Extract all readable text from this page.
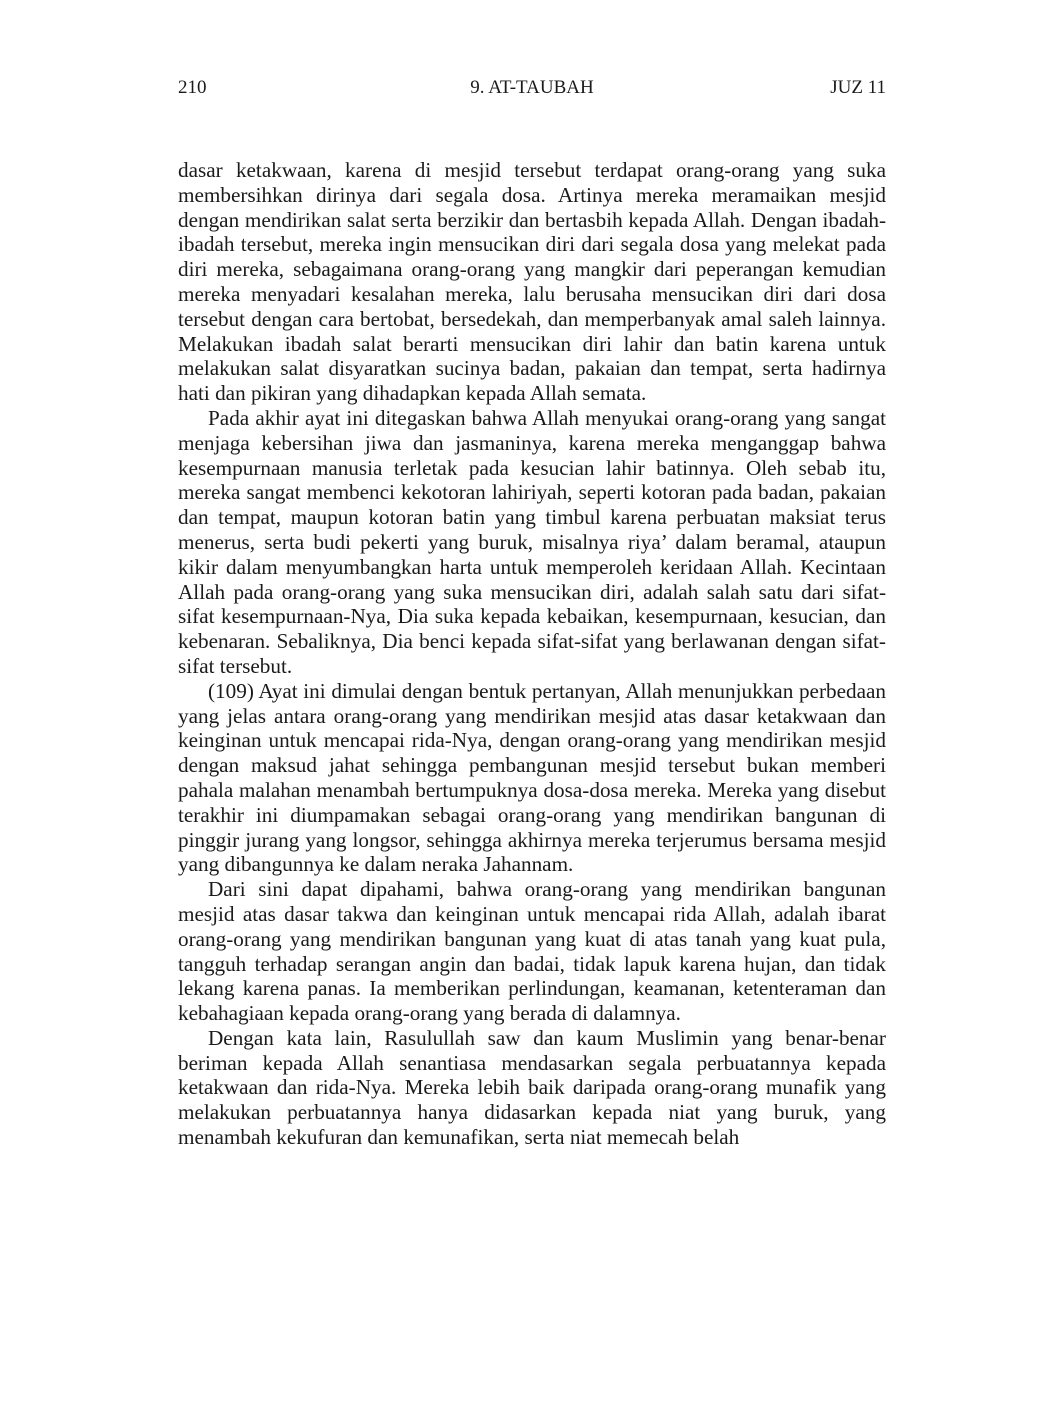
210	9. AT-TAUBAH	JUZ 11

dasar ketakwaan, karena di mesjid tersebut terdapat orang-orang yang suka membersihkan dirinya dari segala dosa. Artinya mereka meramaikan mesjid dengan mendirikan salat serta berzikir dan bertasbih kepada Allah. Dengan ibadah-ibadah tersebut, mereka ingin mensucikan diri dari segala dosa yang melekat pada diri mereka, sebagaimana orang-orang yang mangkir dari peperangan kemudian mereka menyadari kesalahan mereka, lalu berusaha mensucikan diri dari dosa tersebut dengan cara bertobat, bersedekah, dan memperbanyak amal saleh lainnya. Melakukan ibadah salat berarti mensucikan diri lahir dan batin karena untuk melakukan salat disyaratkan sucinya badan, pakaian dan tempat, serta hadirnya hati dan pikiran yang dihadapkan kepada Allah semata.

Pada akhir ayat ini ditegaskan bahwa Allah menyukai orang-orang yang sangat menjaga kebersihan jiwa dan jasmaninya, karena mereka menganggap bahwa kesempurnaan manusia terletak pada kesucian lahir batinnya. Oleh sebab itu, mereka sangat membenci kekotoran lahiriyah, seperti kotoran pada badan, pakaian dan tempat, maupun kotoran batin yang timbul karena perbuatan maksiat terus menerus, serta budi pekerti yang buruk, misalnya riya’ dalam beramal, ataupun kikir dalam menyumbangkan harta untuk memperoleh keridaan Allah. Kecintaan Allah pada orang-orang yang suka mensucikan diri, adalah salah satu dari sifat-sifat kesempurnaan-Nya, Dia suka kepada kebaikan, kesempurnaan, kesucian, dan kebenaran. Sebaliknya, Dia benci kepada sifat-sifat yang berlawanan dengan sifat-sifat tersebut.

(109) Ayat ini dimulai dengan bentuk pertanyan, Allah menunjukkan perbedaan yang jelas antara orang-orang yang mendirikan mesjid atas dasar ketakwaan dan keinginan untuk mencapai rida-Nya, dengan orang-orang yang mendirikan mesjid dengan maksud jahat sehingga pembangunan mesjid tersebut bukan memberi pahala malahan menambah bertumpuknya dosa-dosa mereka. Mereka yang disebut terakhir ini diumpamakan sebagai orang-orang yang mendirikan bangunan di pinggir jurang yang longsor, sehingga akhirnya mereka terjerumus bersama mesjid yang dibangunnya ke dalam neraka Jahannam.

Dari sini dapat dipahami, bahwa orang-orang yang mendirikan bangunan mesjid atas dasar takwa dan keinginan untuk mencapai rida Allah, adalah ibarat orang-orang yang mendirikan bangunan yang kuat di atas tanah yang kuat pula, tangguh terhadap serangan angin dan badai, tidak lapuk karena hujan, dan tidak lekang karena panas. Ia memberikan perlindungan, keamanan, ketenteraman dan kebahagiaan kepada orang-orang yang berada di dalamnya.

Dengan kata lain, Rasulullah saw dan kaum Muslimin yang benar-benar beriman kepada Allah senantiasa mendasarkan segala perbuatannya kepada ketakwaan dan rida-Nya. Mereka lebih baik daripada orang-orang munafik yang melakukan perbuatannya hanya didasarkan kepada niat yang buruk, yang menambah kekufuran dan kemunafikan, serta niat memecah belah
